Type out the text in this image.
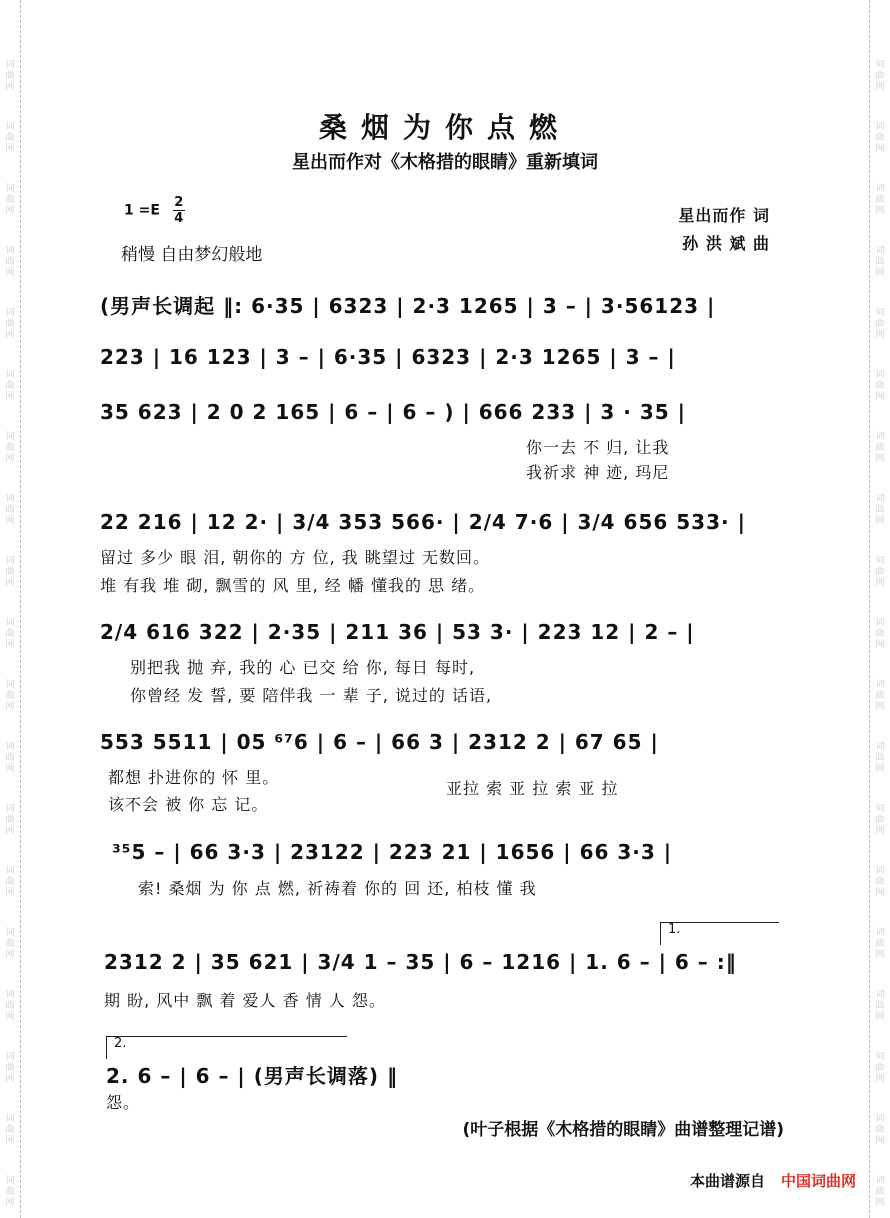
词
曲
网
词
曲
网
词
曲
网
词
曲
网
词
曲
网
词
曲
网
词
曲
网
词
曲
网
词
曲
网
词
曲
网
词
曲
网
词
曲
网
词
曲
网
词
曲
网
词
曲
网
词
曲
网
词
曲
网
词
曲
网
词
曲
网
词
曲
网
词
曲
网
词
曲
网
词
曲
网
词
曲
网
词
曲
网
词
曲
网
词
曲
网
词
曲
网
词
曲
网
词
曲
网
词
曲
网
词
曲
网
词
曲
网
词
曲
网
词
曲
网
词
曲
网
词
曲
网
词
曲
网
桑烟为你点燃
星出而作对《木格措的眼睛》重新填词
$1 =E \frac{2}{4}$
稍慢 自由梦幻般地
星出而作 词
孙 洪 斌 曲
(男声长调起 ‖: 6·35 | 6323 | 2·3 1265 | 3 – | 3·56123 |
223 | 16 123 | 3 – | 6·35 | 6323 | 2·3 1265 | 3 – |
35 623 | 2 0 2 165 | 6 – | 6 – ) | 666 233 | 3 · 35 |
你一去 不 归, 让我
我祈求 神 迹, 玛尼
22 216 | 12 2· | 3/4 353 566· | 2/4 7·6 | 3/4 656 533· |
留过 多少 眼 泪, 朝你的 方 位, 我 眺望过 无数回。
堆 有我 堆 砌, 飘雪的 风 里, 经 幡 懂我的 思 绪。
2/4 616 322 | 2·35 | 211 36 | 53 3· | 223 12 | 2 – |
别把我 抛 弃, 我的 心 已交 给 你, 每日 每时,
你曾经 发 誓, 要 陪伴我 一 辈 子, 说过的 话语,
553 5511 | 05 ⁶⁷6 | 6 – | 66 3 | 2312 2 | 67 65 |
都想 扑进你的 怀 里。
该不会 被 你 忘 记。
亚拉 索 亚 拉 索 亚 拉
³⁵5 – | 66 3·3 | 23122 | 223 21 | 1656 | 66 3·3 |
索! 桑烟 为 你 点 燃, 祈祷着 你的 回 还, 柏枝 懂 我
1.
2312 2 | 35 621 | 3/4 1 – 35 | 6 – 1216 | 1. 6 – | 6 – :‖
期 盼, 风中 飘 着 爱人 香 情 人 怨。
2.
2. 6 – | 6 – | (男声长调落) ‖
怨。
(叶子根据《木格措的眼睛》曲谱整理记谱)
本曲谱源自 中国词曲网
